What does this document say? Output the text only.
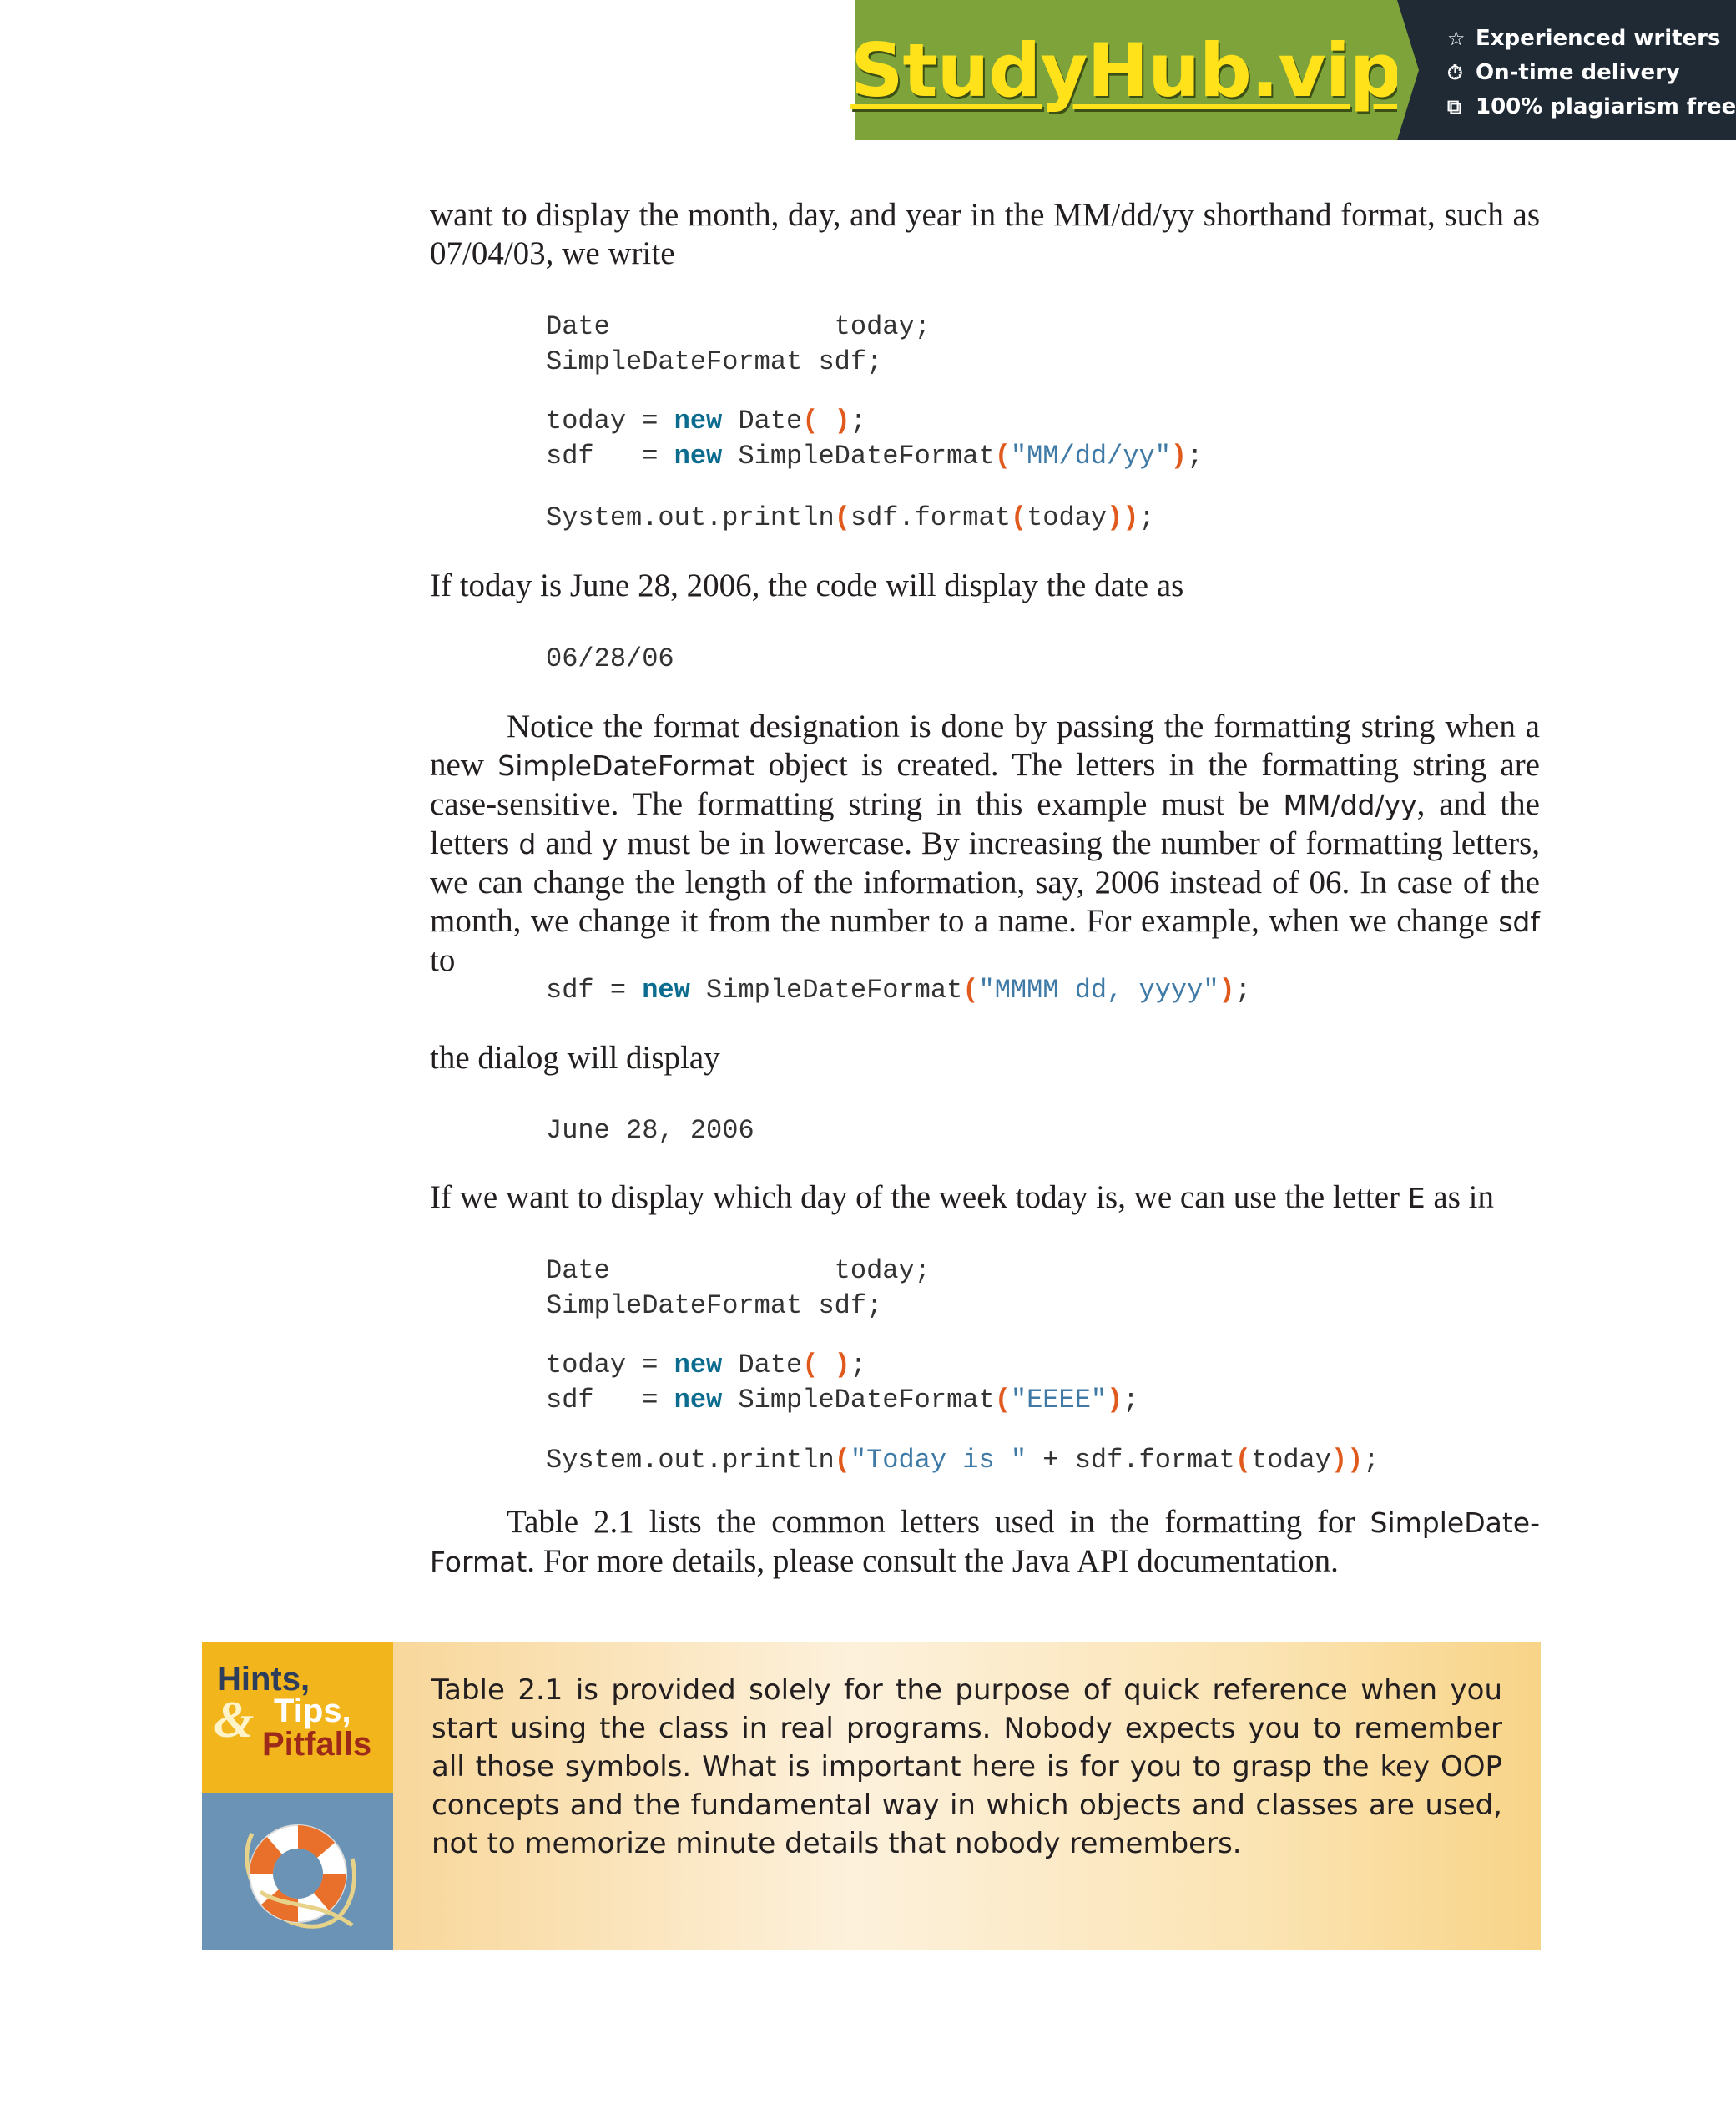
StudyHub.vip ☆ Experienced writers
⏱ On-time delivery
⧉ 100% plagiarism free

want to display the month, day, and year in the MM/dd/yy shorthand format, such as 07/04/03, we write

Date	today;
SimpleDateFormat sdf;
today = new Date( );
sdf = new SimpleDateFormat("MM/dd/yy");
System.out.println(sdf.format(today));

If today is June 28, 2006, the code will display the date as

06/28/06

Notice the format designation is done by passing the formatting string when a new SimpleDateFormat object is created. The letters in the formatting string are case-sensitive. The formatting string in this example must be MM/dd/yy, and the letters d and y must be in lowercase. By increasing the number of formatting letters, we can change the length of the information, say, 2006 instead of 06. In case of the month, we change it from the number to a name. For example, when we change sdf to

sdf = new SimpleDateFormat("MMMM dd, yyyy");

the dialog will display

June 28, 2006

If we want to display which day of the week today is, we can use the letter E as in

Date	today;
SimpleDateFormat sdf;
today = new Date( );
sdf = new SimpleDateFormat("EEEE");
System.out.println("Today is " + sdf.format(today));

Table 2.1 lists the common letters used in the formatting for SimpleDate-Format. For more details, please consult the Java API documentation.

Hints,
& Tips,
Pitfalls
Table 2.1 is provided solely for the purpose of quick reference when you start using the class in real programs. Nobody expects you to remember all those symbols. What is important here is for you to grasp the key OOP concepts and the fundamental way in which objects and classes are used, not to memorize minute details that nobody remembers.
